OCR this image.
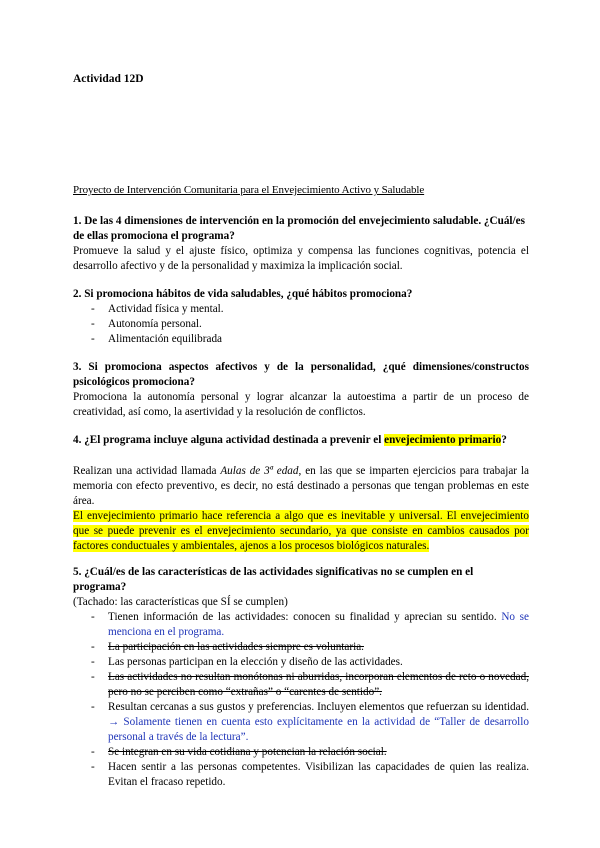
Actividad 12D
Proyecto de Intervención Comunitaria para el Envejecimiento Activo y Saludable
1. De las 4 dimensiones de intervención en la promoción del envejecimiento saludable. ¿Cuál/es de ellas promociona el programa?
Promueve la salud y el ajuste físico, optimiza y compensa las funciones cognitivas, potencia el desarrollo afectivo y de la personalidad y maximiza la implicación social.
2. Si promociona hábitos de vida saludables, ¿qué hábitos promociona?
- Actividad física y mental.
- Autonomía personal.
- Alimentación equilibrada
3. Si promociona aspectos afectivos y de la personalidad, ¿qué dimensiones/constructos psicológicos promociona?
Promociona la autonomía personal y lograr alcanzar la autoestima a partir de un proceso de creatividad, así como, la asertividad y la resolución de conflictos.
4. ¿El programa incluye alguna actividad destinada a prevenir el envejecimiento primario?
Realizan una actividad llamada Aulas de 3ª edad, en las que se imparten ejercicios para trabajar la memoria con efecto preventivo, es decir, no está destinado a personas que tengan problemas en este área.
El envejecimiento primario hace referencia a algo que es inevitable y universal. El envejecimiento que se puede prevenir es el envejecimiento secundario, ya que consiste en cambios causados por factores conductuales y ambientales, ajenos a los procesos biológicos naturales.
5. ¿Cuál/es de las características de las actividades significativas no se cumplen en el programa?
(Tachado: las características que SÍ se cumplen)
- Tienen información de las actividades: conocen su finalidad y aprecian su sentido. No se menciona en el programa.
- La participación en las actividades siempre es voluntaria.
- Las personas participan en la elección y diseño de las actividades.
- Las actividades no resultan monótonas ni aburridas, incorporan elementos de reto o novedad, pero no se perciben como “extrañas” o “carentes de sentido”.
- Resultan cercanas a sus gustos y preferencias. Incluyen elementos que refuerzan su identidad. → Solamente tienen en cuenta esto explícitamente en la actividad de “Taller de desarrollo personal a través de la lectura”.
- Se integran en su vida cotidiana y potencian la relación social.
- Hacen sentir a las personas competentes. Visibilizan las capacidades de quien las realiza. Evitan el fracaso repetido.
